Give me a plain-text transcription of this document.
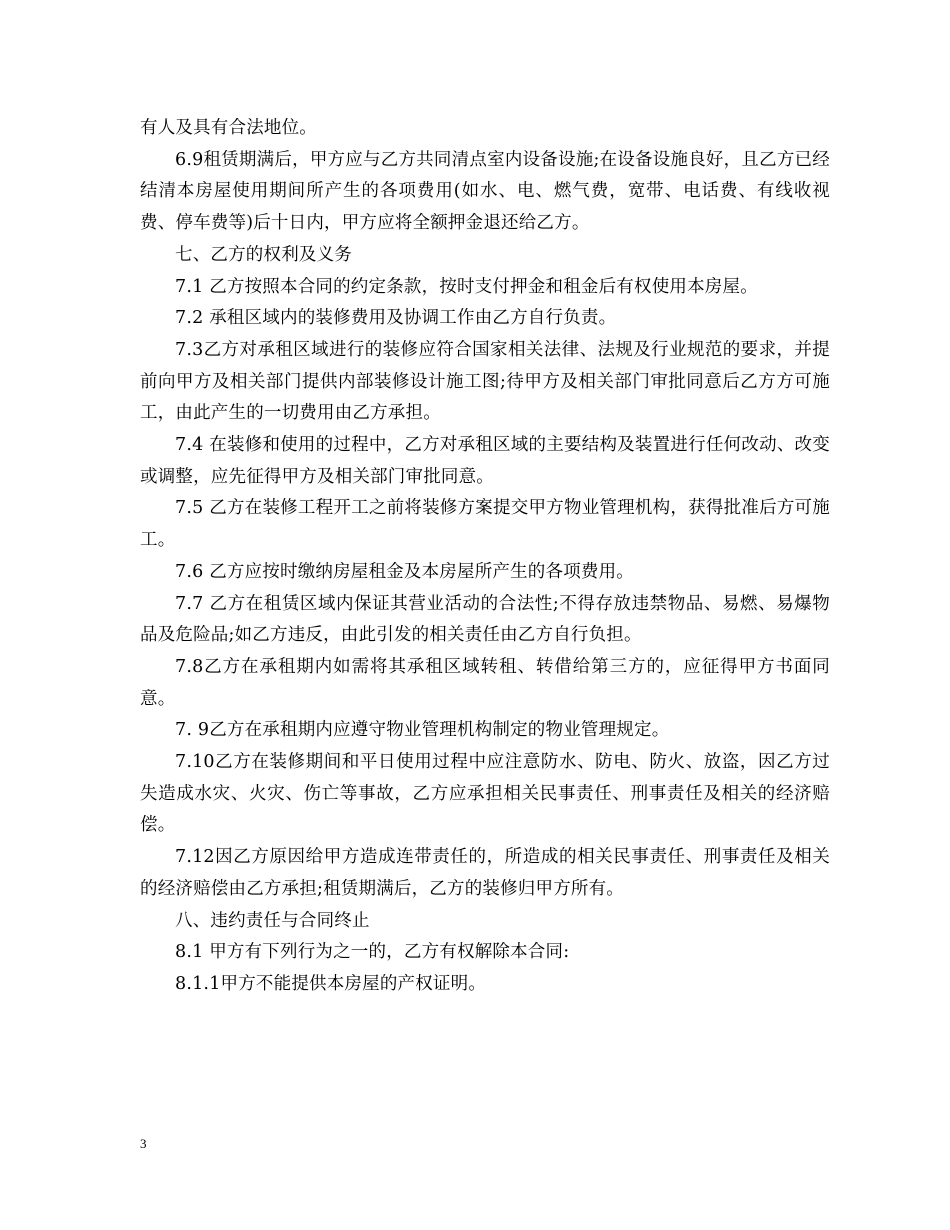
有人及具有合法地位。

6.9租赁期满后，甲方应与乙方共同清点室内设备设施;在设备设施良好，且乙方已经结清本房屋使用期间所产生的各项费用(如水、电、燃气费，宽带、电话费、有线收视费、停车费等)后十日内，甲方应将全额押金退还给乙方。

七、乙方的权利及义务

7.1 乙方按照本合同的约定条款，按时支付押金和租金后有权使用本房屋。

7.2 承租区域内的装修费用及协调工作由乙方自行负责。

7.3乙方对承租区域进行的装修应符合国家相关法律、法规及行业规范的要求，并提前向甲方及相关部门提供内部装修设计施工图;待甲方及相关部门审批同意后乙方方可施工，由此产生的一切费用由乙方承担。

7.4 在装修和使用的过程中，乙方对承租区域的主要结构及装置进行任何改动、改变或调整，应先征得甲方及相关部门审批同意。

7.5 乙方在装修工程开工之前将装修方案提交甲方物业管理机构，获得批准后方可施工。

7.6 乙方应按时缴纳房屋租金及本房屋所产生的各项费用。

7.7 乙方在租赁区域内保证其营业活动的合法性;不得存放违禁物品、易燃、易爆物品及危险品;如乙方违反，由此引发的相关责任由乙方自行负担。

7.8乙方在承租期内如需将其承租区域转租、转借给第三方的，应征得甲方书面同意。

7. 9乙方在承租期内应遵守物业管理机构制定的物业管理规定。

7.10乙方在装修期间和平日使用过程中应注意防水、防电、防火、放盗，因乙方过失造成水灾、火灾、伤亡等事故，乙方应承担相关民事责任、刑事责任及相关的经济赔偿。

7.12因乙方原因给甲方造成连带责任的，所造成的相关民事责任、刑事责任及相关的经济赔偿由乙方承担;租赁期满后，乙方的装修归甲方所有。

八、违约责任与合同终止

8.1 甲方有下列行为之一的，乙方有权解除本合同:

8.1.1甲方不能提供本房屋的产权证明。

3
